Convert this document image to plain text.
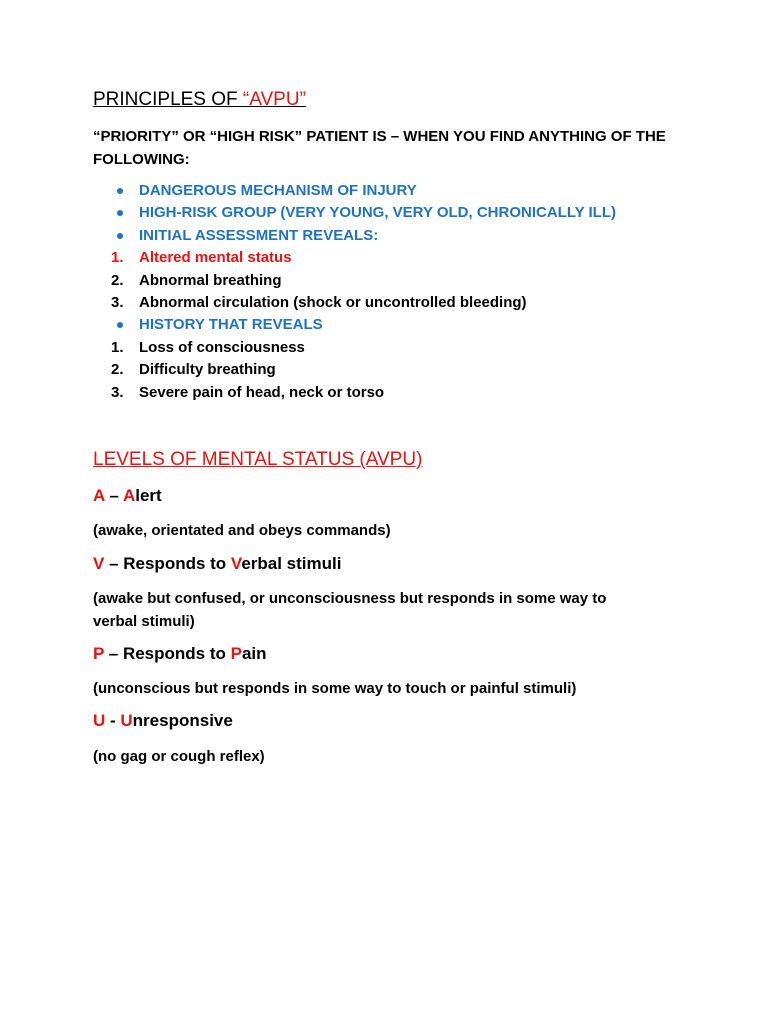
PRINCIPLES OF “AVPU”
“PRIORITY” OR “HIGH RISK” PATIENT IS – WHEN YOU FIND ANYTHING OF THE FOLLOWING:
DANGEROUS MECHANISM OF INJURY
HIGH-RISK GROUP (VERY YOUNG, VERY OLD, CHRONICALLY ILL)
INITIAL ASSESSMENT REVEALS:
1.	Altered mental status
2.	Abnormal breathing
3.	Abnormal circulation (shock or uncontrolled bleeding)
HISTORY THAT REVEALS
1.	Loss of consciousness
2.	Difficulty breathing
3.	Severe pain of head, neck or torso
LEVELS OF MENTAL STATUS (AVPU)
A – Alert
(awake, orientated and obeys commands)
V – Responds to Verbal stimuli
(awake but confused, or unconsciousness but responds in some way to verbal stimuli)
P – Responds to Pain
(unconscious but responds in some way to touch or painful stimuli)
U - Unresponsive
(no gag or cough reflex)
